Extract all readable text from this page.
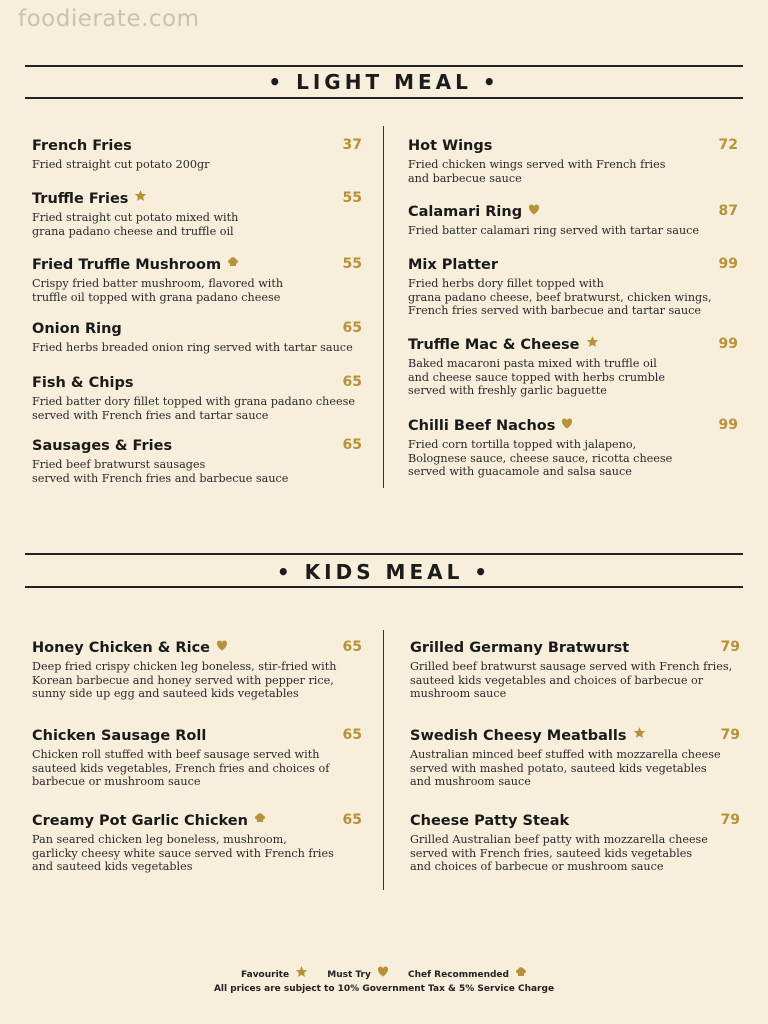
foodierate.com
• LIGHT MEAL •
French Fries	37
Fried straight cut potato 200gr
Truffle Fries	55
Fried straight cut potato mixed with
grana padano cheese and truffle oil
Fried Truffle Mushroom	55
Crispy fried batter mushroom, flavored with
truffle oil topped with grana padano cheese
Onion Ring	65
Fried herbs breaded onion ring served with tartar sauce
Fish & Chips	65
Fried batter dory fillet topped with grana padano cheese
served with French fries and tartar sauce
Sausages & Fries	65
Fried beef bratwurst sausages
served with French fries and barbecue sauce
Hot Wings	72
Fried chicken wings served with French fries
and barbecue sauce
Calamari Ring	87
Fried batter calamari ring served with tartar sauce
Mix Platter	99
Fried herbs dory fillet topped with
grana padano cheese, beef bratwurst, chicken wings,
French fries served with barbecue and tartar sauce
Truffle Mac & Cheese	99
Baked macaroni pasta mixed with truffle oil
and cheese sauce topped with herbs crumble
served with freshly garlic baguette
Chilli Beef Nachos	99
Fried corn tortilla topped with jalapeno,
Bolognese sauce, cheese sauce, ricotta cheese
served with guacamole and salsa sauce
• KIDS MEAL •
Honey Chicken & Rice	65
Deep fried crispy chicken leg boneless, stir-fried with
Korean barbecue and honey served with pepper rice,
sunny side up egg and sauteed kids vegetables
Chicken Sausage Roll	65
Chicken roll stuffed with beef sausage served with
sauteed kids vegetables, French fries and choices of
barbecue or mushroom sauce
Creamy Pot Garlic Chicken	65
Pan seared chicken leg boneless, mushroom,
garlicky cheesy white sauce served with French fries
and sauteed kids vegetables
Grilled Germany Bratwurst	79
Grilled beef bratwurst sausage served with French fries,
sauteed kids vegetables and choices of barbecue or
mushroom sauce
Swedish Cheesy Meatballs	79
Australian minced beef stuffed with mozzarella cheese
served with mashed potato, sauteed kids vegetables
and mushroom sauce
Cheese Patty Steak	79
Grilled Australian beef patty with mozzarella cheese
served with French fries, sauteed kids vegetables
and choices of barbecue or mushroom sauce
Favourite	Must Try	Chef Recommended
All prices are subject to 10% Government Tax & 5% Service Charge
